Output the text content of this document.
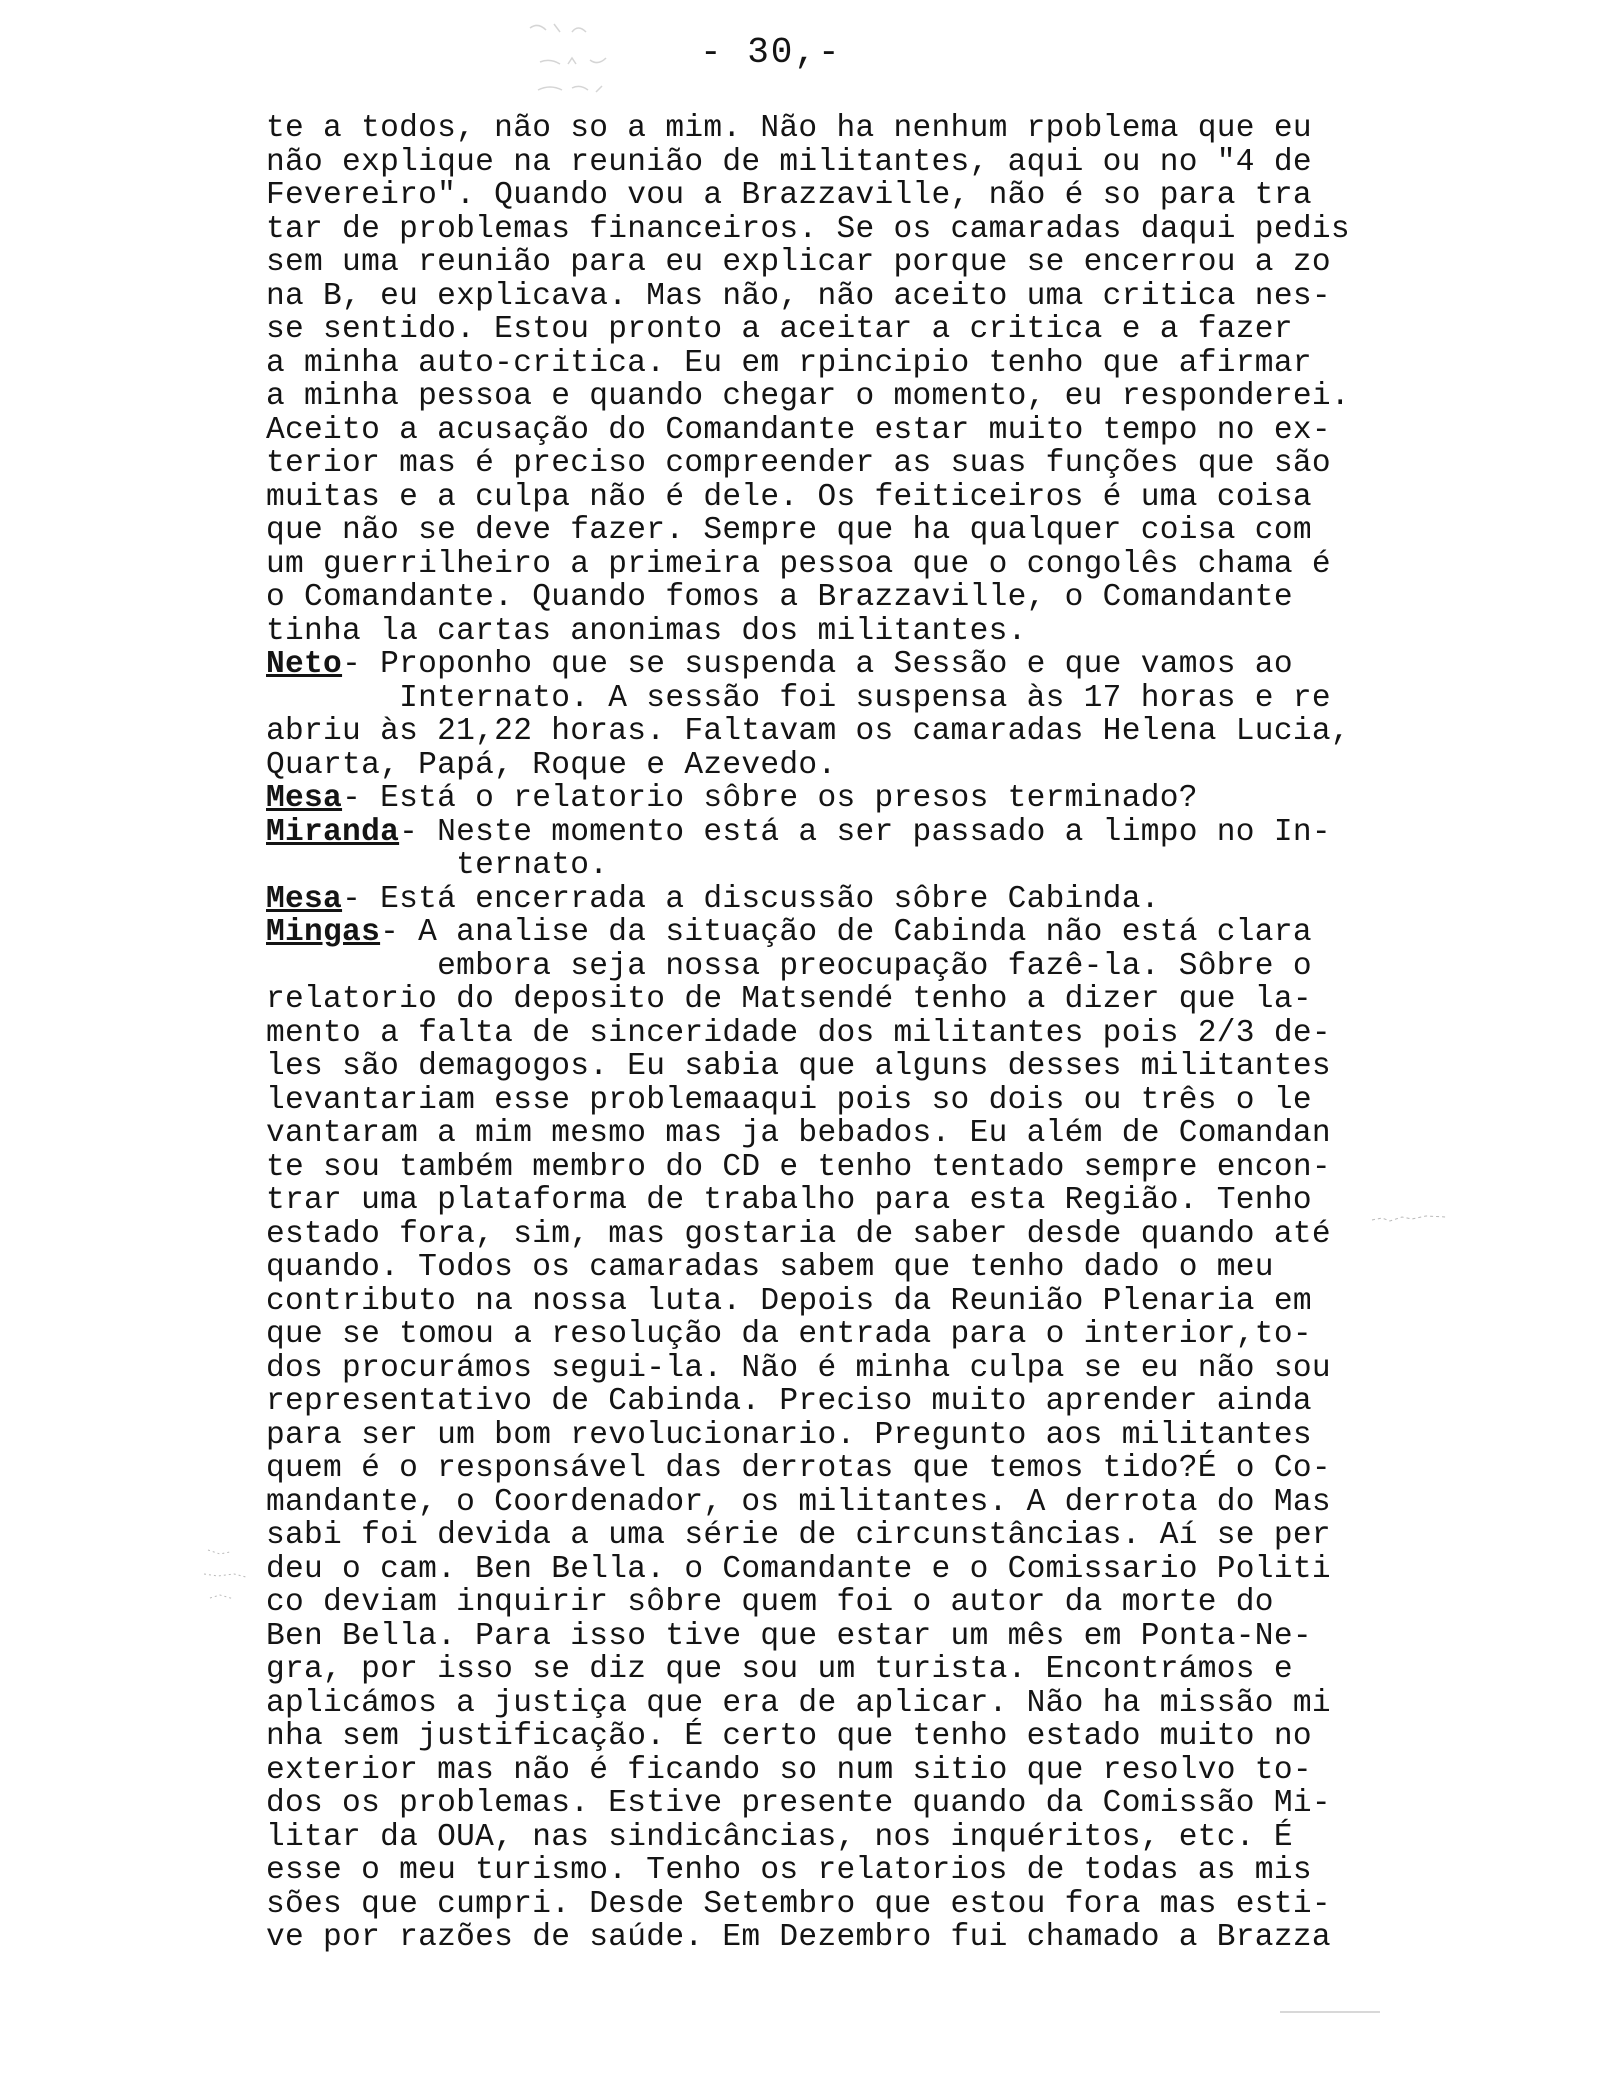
- 30,-
te a todos, não so a mim. Não ha nenhum rpoblema que eu
não explique na reunião de militantes, aqui ou no "4 de
Fevereiro". Quando vou a Brazzaville, não é so para tra
tar de problemas financeiros. Se os camaradas daqui pedis
sem uma reunião para eu explicar porque se encerrou a zo
na B, eu explicava. Mas não, não aceito uma critica nes-
se sentido. Estou pronto a aceitar a critica e a fazer
a minha auto-critica. Eu em rpincipio tenho que afirmar
a minha pessoa e quando chegar o momento, eu responderei.
Aceito a acusação do Comandante estar muito tempo no ex-
terior mas é preciso compreender as suas funções que são
muitas e a culpa não é dele. Os feiticeiros é uma coisa
que não se deve fazer. Sempre que ha qualquer coisa com
um guerrilheiro a primeira pessoa que o congolês chama é
o Comandante. Quando fomos a Brazzaville, o Comandante
tinha la cartas anonimas dos militantes.
Neto- Proponho que se suspenda a Sessão e que vamos ao
Internato. A sessão foi suspensa às 17 horas e re
abriu às 21,22 horas. Faltavam os camaradas Helena Lucia,
Quarta, Papá, Roque e Azevedo.
Mesa- Está o relatorio sôbre os presos terminado?
Miranda- Neste momento está a ser passado a limpo no In-
ternato.
Mesa- Está encerrada a discussão sôbre Cabinda.
Mingas- A analise da situação de Cabinda não está clara
embora seja nossa preocupação fazê-la. Sôbre o
relatorio do deposito de Matsendé tenho a dizer que la-
mento a falta de sinceridade dos militantes pois 2/3 de-
les são demagogos. Eu sabia que alguns desses militantes
levantariam esse problemaaqui pois so dois ou três o le
vantaram a mim mesmo mas ja bebados. Eu além de Comandan
te sou também membro do CD e tenho tentado sempre encon-
trar uma plataforma de trabalho para esta Região. Tenho
estado fora, sim, mas gostaria de saber desde quando até
quando. Todos os camaradas sabem que tenho dado o meu
contributo na nossa luta. Depois da Reunião Plenaria em
que se tomou a resolução da entrada para o interior,to-
dos procurámos segui-la. Não é minha culpa se eu não sou
representativo de Cabinda. Preciso muito aprender ainda
para ser um bom revolucionario. Pregunto aos militantes
quem é o responsável das derrotas que temos tido?É o Co-
mandante, o Coordenador, os militantes. A derrota do Mas
sabi foi devida a uma série de circunstâncias. Aí se per
deu o cam. Ben Bella. o Comandante e o Comissario Politi
co deviam inquirir sôbre quem foi o autor da morte do
Ben Bella. Para isso tive que estar um mês em Ponta-Ne-
gra, por isso se diz que sou um turista. Encontrámos e
aplicámos a justiça que era de aplicar. Não ha missão mi
nha sem justificação. É certo que tenho estado muito no
exterior mas não é ficando so num sitio que resolvo to-
dos os problemas. Estive presente quando da Comissão Mi-
litar da OUA, nas sindicâncias, nos inquéritos, etc. É
esse o meu turismo. Tenho os relatorios de todas as mis
sões que cumpri. Desde Setembro que estou fora mas esti-
ve por razões de saúde. Em Dezembro fui chamado a Brazza
